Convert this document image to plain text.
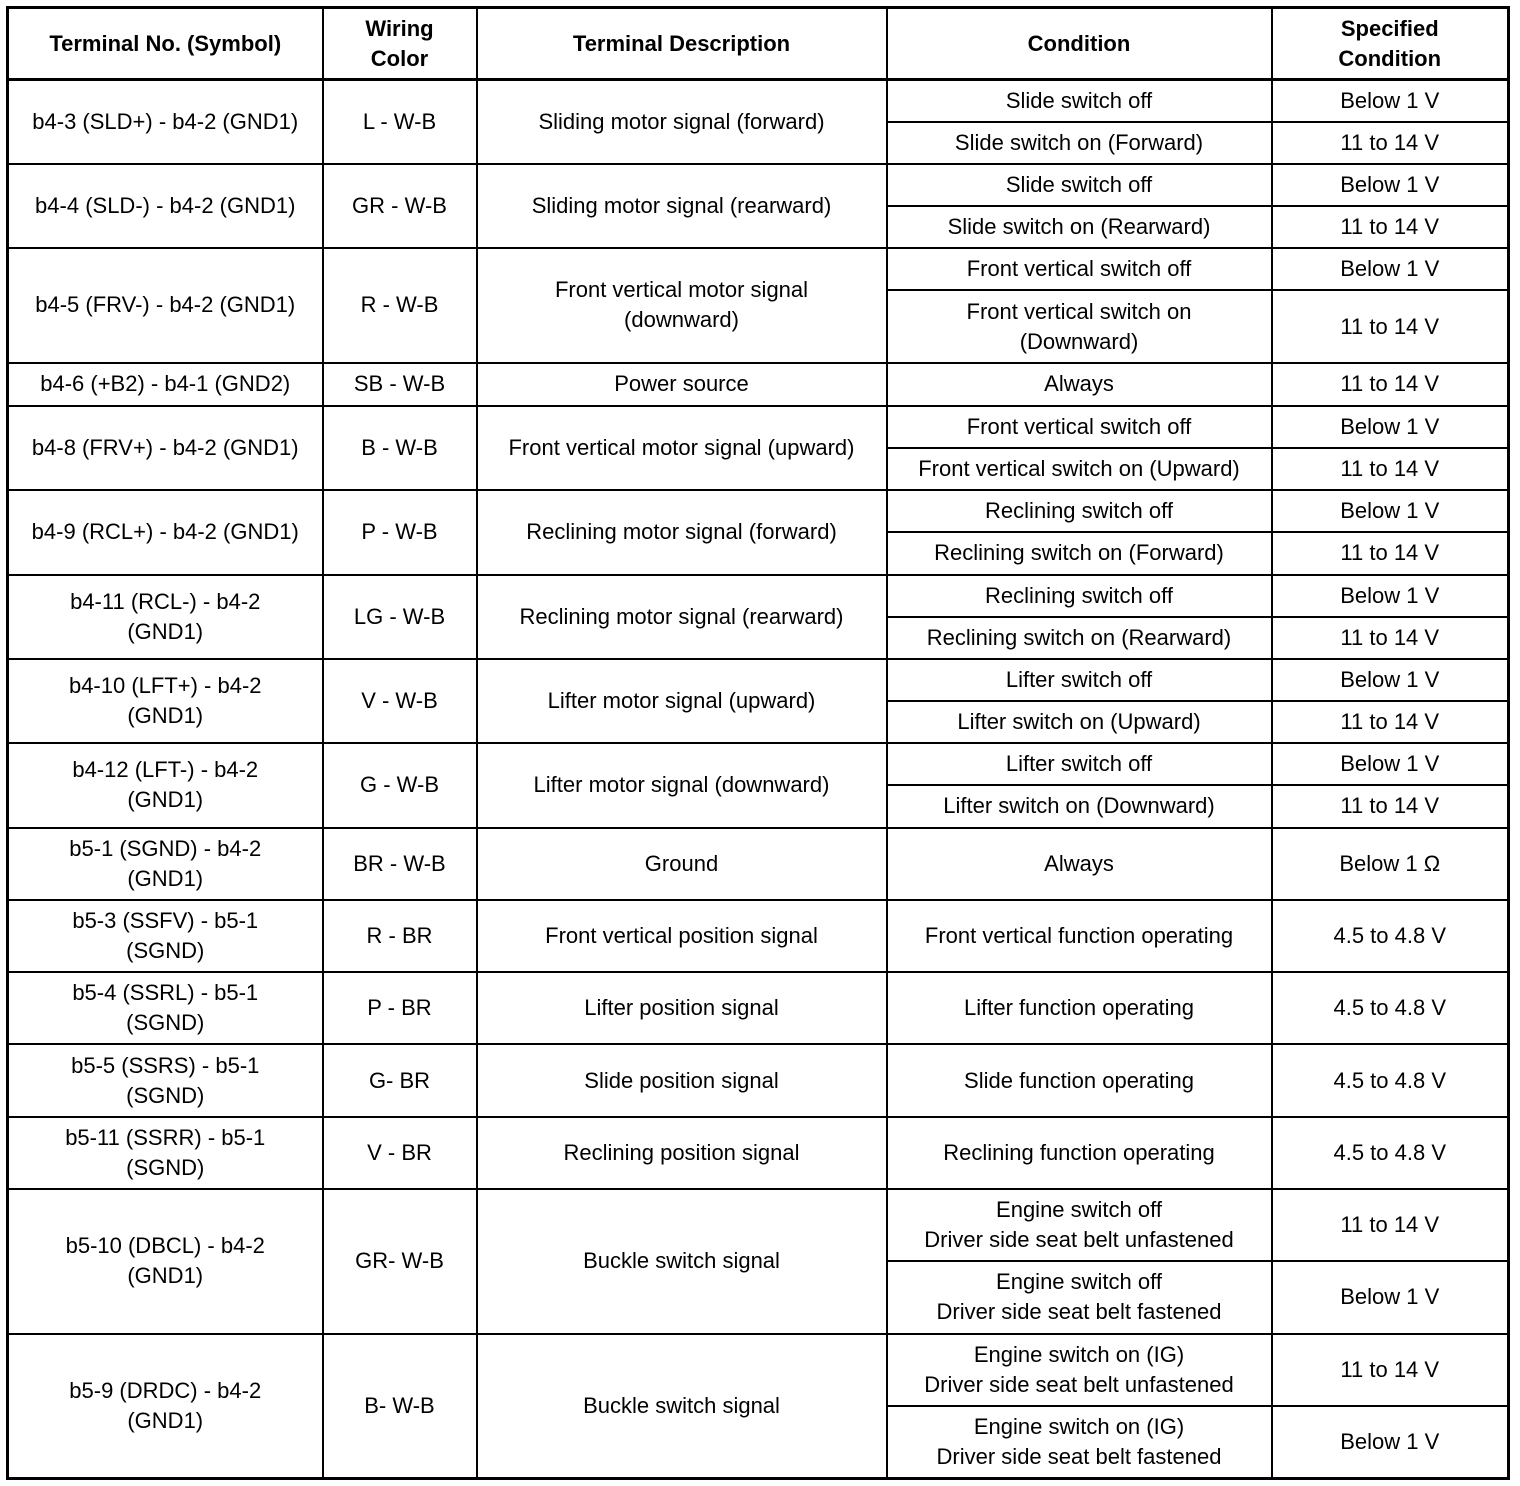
Terminal No. (Symbol)	Wiring
Color	Terminal Description	Condition	Specified
Condition

b4-3 (SLD+) - b4-2 (GND1)	L - W-B	Sliding motor signal (forward)	Slide switch off	Below 1 V

			Slide switch on (Forward)	11 to 14 V

b4-4 (SLD-) - b4-2 (GND1)	GR - W-B	Sliding motor signal (rearward)	Slide switch off	Below 1 V

			Slide switch on (Rearward)	11 to 14 V

b4-5 (FRV-) - b4-2 (GND1)	R - W-B	Front vertical motor signal
(downward)	Front vertical switch off	Below 1 V

			Front vertical switch on
(Downward)	11 to 14 V

b4-6 (+B2) - b4-1 (GND2)	SB - W-B	Power source	Always	11 to 14 V

b4-8 (FRV+) - b4-2 (GND1)	B - W-B	Front vertical motor signal (upward)	Front vertical switch off	Below 1 V

			Front vertical switch on (Upward)	11 to 14 V

b4-9 (RCL+) - b4-2 (GND1)	P - W-B	Reclining motor signal (forward)	Reclining switch off	Below 1 V

			Reclining switch on (Forward)	11 to 14 V

b4-11 (RCL-) - b4-2
(GND1)	LG - W-B	Reclining motor signal (rearward)	Reclining switch off	Below 1 V

			Reclining switch on (Rearward)	11 to 14 V

b4-10 (LFT+) - b4-2
(GND1)	V - W-B	Lifter motor signal (upward)	Lifter switch off	Below 1 V

			Lifter switch on (Upward)	11 to 14 V

b4-12 (LFT-) - b4-2
(GND1)	G - W-B	Lifter motor signal (downward)	Lifter switch off	Below 1 V

			Lifter switch on (Downward)	11 to 14 V

b5-1 (SGND) - b4-2
(GND1)	BR - W-B	Ground	Always	Below 1 Ω

b5-3 (SSFV) - b5-1
(SGND)	R - BR	Front vertical position signal	Front vertical function operating	4.5 to 4.8 V

b5-4 (SSRL) - b5-1
(SGND)	P - BR	Lifter position signal	Lifter function operating	4.5 to 4.8 V

b5-5 (SSRS) - b5-1
(SGND)	G- BR	Slide position signal	Slide function operating	4.5 to 4.8 V

b5-11 (SSRR) - b5-1
(SGND)	V - BR	Reclining position signal	Reclining function operating	4.5 to 4.8 V

b5-10 (DBCL) - b4-2
(GND1)	GR- W-B	Buckle switch signal	Engine switch off
Driver side seat belt unfastened	11 to 14 V

			Engine switch off
Driver side seat belt fastened	Below 1 V

b5-9 (DRDC) - b4-2
(GND1)	B- W-B	Buckle switch signal	Engine switch on (IG)
Driver side seat belt unfastened	11 to 14 V

			Engine switch on (IG)
Driver side seat belt fastened	Below 1 V
